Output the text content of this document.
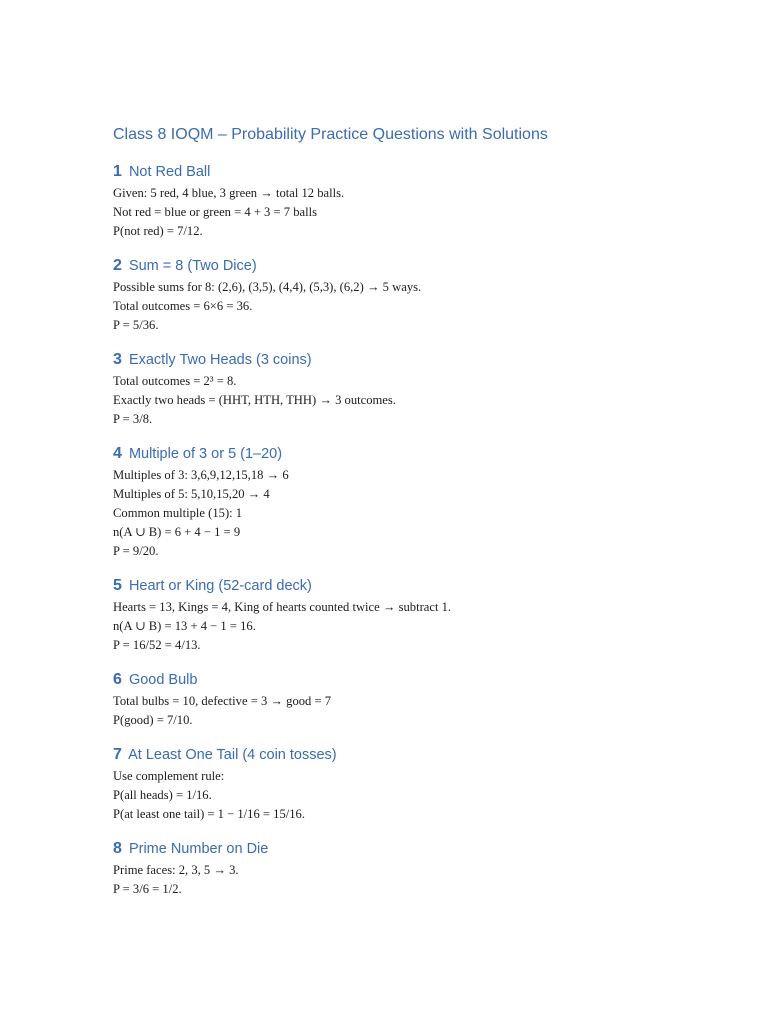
Class 8 IOQM – Probability Practice Questions with Solutions
1 Not Red Ball

Given: 5 red, 4 blue, 3 green → total 12 balls.

Not red = blue or green = 4 + 3 = 7 balls

P(not red) = 7/12.

2 Sum = 8 (Two Dice)

Possible sums for 8: (2,6), (3,5), (4,4), (5,3), (6,2) → 5 ways.

Total outcomes = 6×6 = 36.

P = 5/36.

3 Exactly Two Heads (3 coins)

Total outcomes = 2³ = 8.

Exactly two heads = (HHT, HTH, THH) → 3 outcomes.

P = 3/8.

4 Multiple of 3 or 5 (1–20)

Multiples of 3: 3,6,9,12,15,18 → 6

Multiples of 5: 5,10,15,20 → 4

Common multiple (15): 1

n(A ∪ B) = 6 + 4 − 1 = 9

P = 9/20.

5 Heart or King (52-card deck)

Hearts = 13, Kings = 4, King of hearts counted twice → subtract 1.

n(A ∪ B) = 13 + 4 − 1 = 16.

P = 16/52 = 4/13.

6 Good Bulb

Total bulbs = 10, defective = 3 → good = 7

P(good) = 7/10.

7 At Least One Tail (4 coin tosses)

Use complement rule:

P(all heads) = 1/16.

P(at least one tail) = 1 − 1/16 = 15/16.

8 Prime Number on Die

Prime faces: 2, 3, 5 → 3.

P = 3/6 = 1/2.
